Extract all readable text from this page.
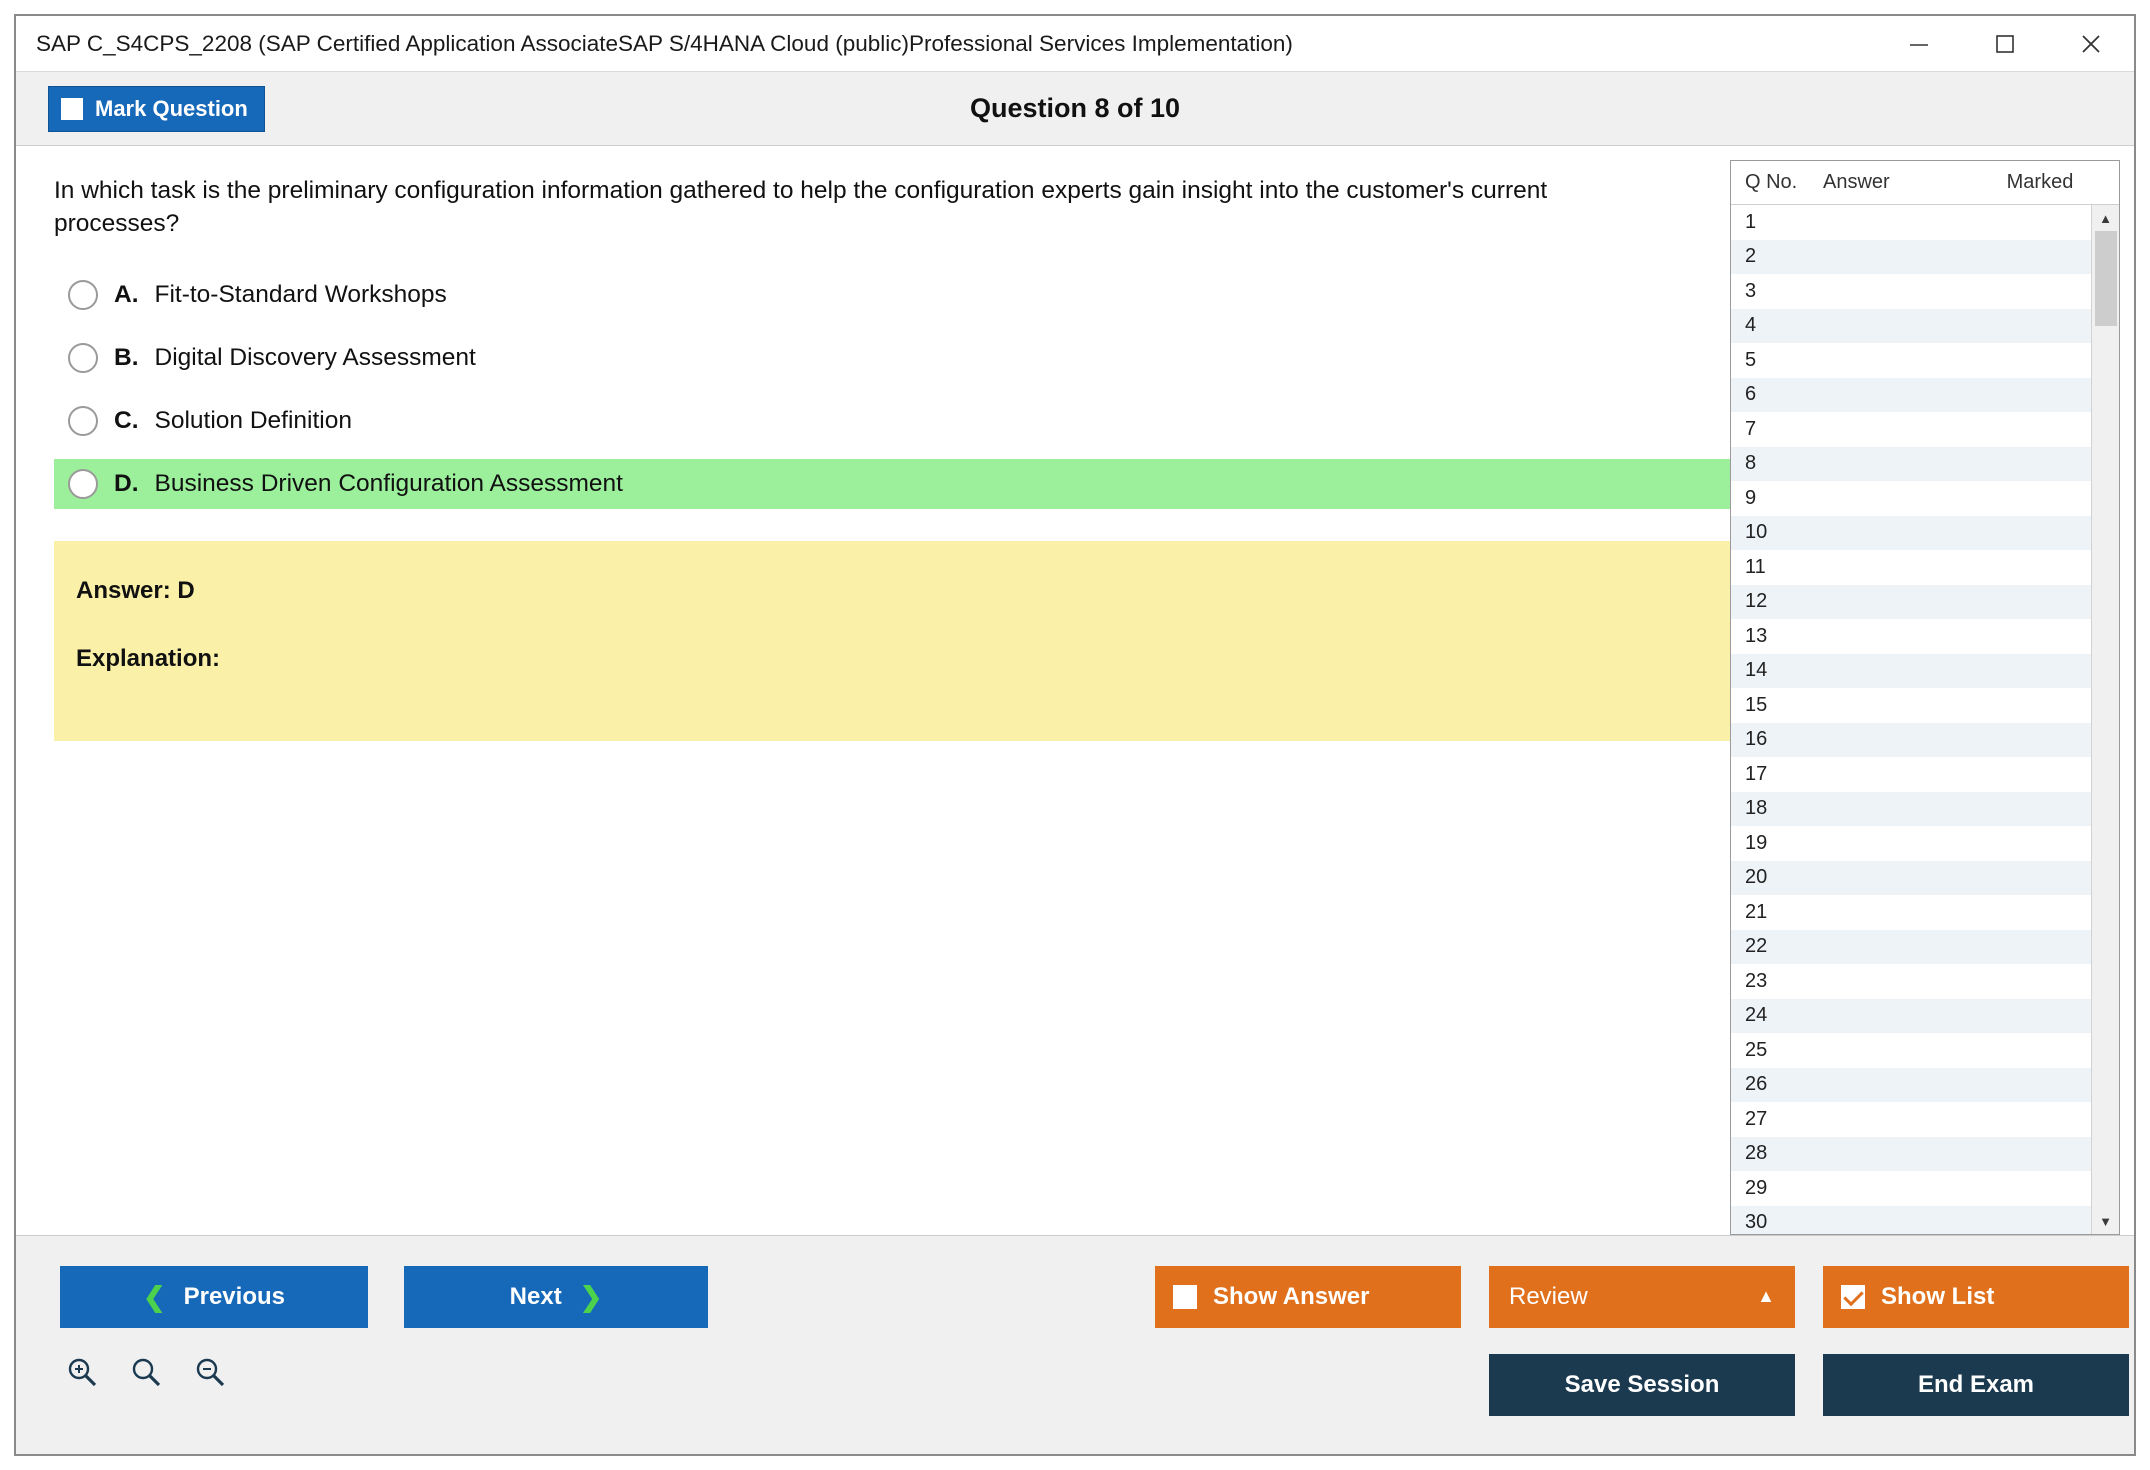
SAP C_S4CPS_2208 (SAP Certified Application AssociateSAP S/4HANA Cloud (public)Professional Services Implementation)
Mark Question	Question 8 of 10
In which task is the preliminary configuration information gathered to help the configuration experts gain insight into the customer's current processes?
A. Fit-to-Standard Workshops
B. Digital Discovery Assessment
C. Solution Definition
D. Business Driven Configuration Assessment
Answer: D
Explanation:
Q No.	Answer	Marked
1
2
3
4
5
6
7
8
9
10
11
12
13
14
15
16
17
18
19
20
21
22
23
24
25
26
27
28
29
30
▲
▼
❮ Previous	Next ❯	Show Answer	Review	▲	Show List
Save Session	End Exam
